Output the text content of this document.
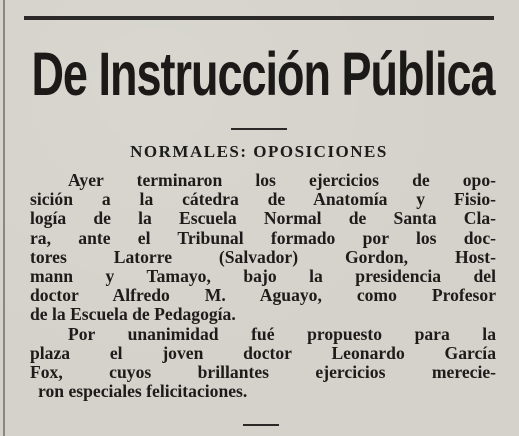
De Instrucción Pública
NORMALES: OPOSICIONES
Ayer terminaron los ejercicios de opo-
sición a la cátedra de Anatomía y Fisio-
logía de la Escuela Normal de Santa Cla-
ra, ante el Tribunal formado por los doc-
tores Latorre (Salvador) Gordon, Host-
mann y Tamayo, bajo la presidencia del
doctor Alfredo M. Aguayo, como Profesor
de la Escuela de Pedagogía.
Por unanimidad fué propuesto para la
plaza el joven doctor Leonardo García
Fox, cuyos brillantes ejercicios merecie-
ron especiales felicitaciones.
